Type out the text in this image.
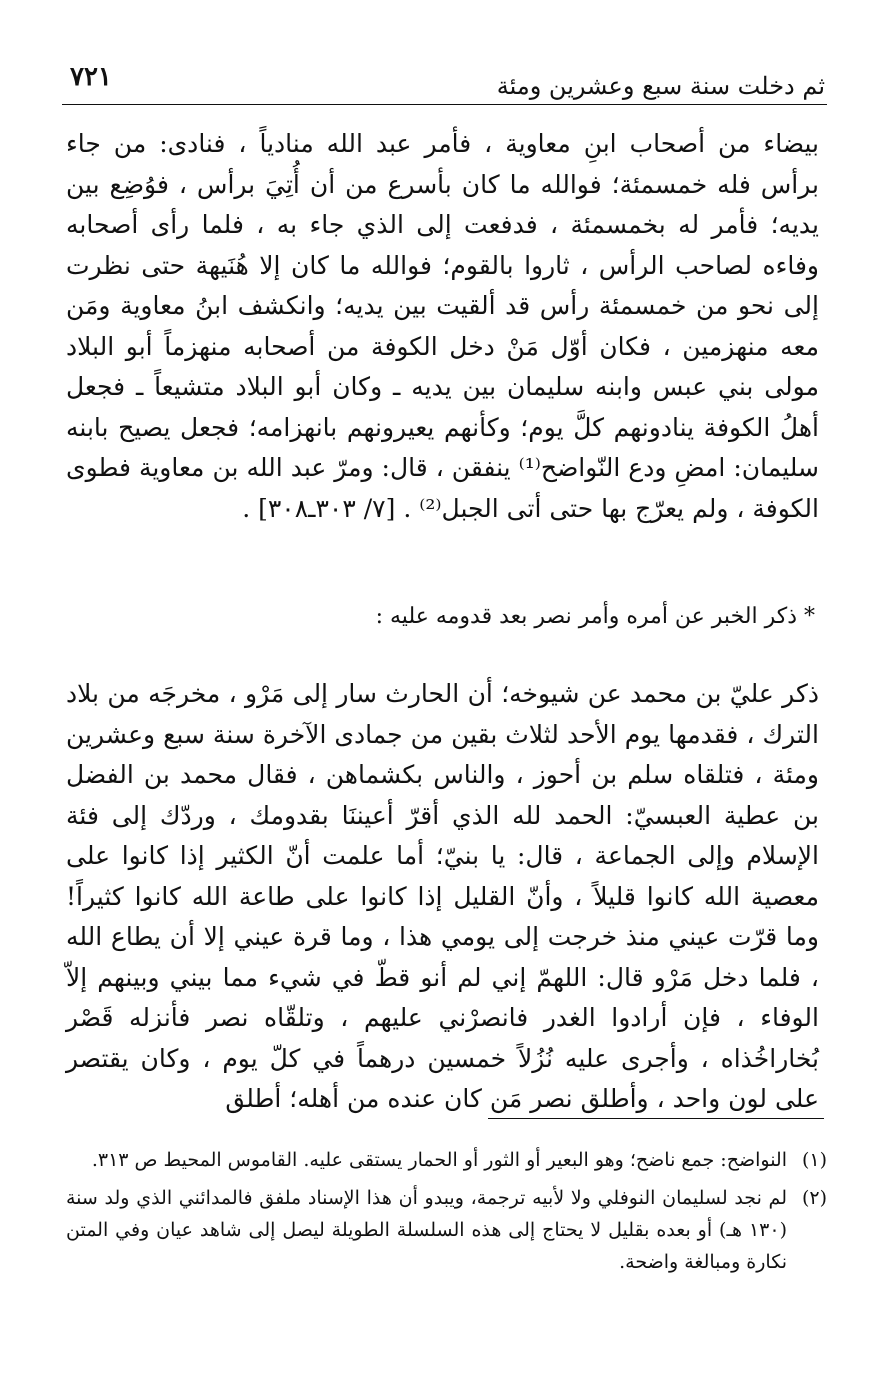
٧٢١	ثم دخلت سنة سبع وعشرين ومئة
بيضاء من أصحاب ابنِ معاوية ، فأمر عبد الله منادياً ، فنادى: من جاء برأس فله خمسمئة؛ فوالله ما كان بأسرع من أن أُتِيَ برأس ، فوُضِع بين يديه؛ فأمر له بخمسمئة ، فدفعت إلى الذي جاء به ، فلما رأى أصحابه وفاءه لصاحب الرأس ، ثاروا بالقوم؛ فوالله ما كان إلا هُنَيهة حتى نظرت إلى نحو من خمسمئة رأس قد ألقيت بين يديه؛ وانكشف ابنُ معاوية ومَن معه منهزمين ، فكان أوّل مَنْ دخل الكوفة من أصحابه منهزماً أبو البلاد مولى بني عبس وابنه سليمان بين يديه ـ وكان أبو البلاد متشيعاً ـ فجعل أهلُ الكوفة ينادونهم كلَّ يوم؛ وكأنهم يعيرونهم بانهزامه؛ فجعل يصيح بابنه سليمان: امضِ ودع النّواضح⁽¹⁾ ينفقن ، قال: ومرّ عبد الله بن معاوية فطوى الكوفة ، ولم يعرّج بها حتى أتى الجبل⁽²⁾ . [٧/ ٣٠٣ـ٣٠٨] .
* ذكر الخبر عن أمره وأمر نصر بعد قدومه عليه :
ذكر عليّ بن محمد عن شيوخه؛ أن الحارث سار إلى مَرْو ، مخرجَه من بلاد الترك ، فقدمها يوم الأحد لثلاث بقين من جمادى الآخرة سنة سبع وعشرين ومئة ، فتلقاه سلم بن أحوز ، والناس بكشماهن ، فقال محمد بن الفضل بن عطية العبسيّ: الحمد لله الذي أقرّ أعيننَا بقدومك ، وردّك إلى فئة الإسلام وإلى الجماعة ، قال: يا بنيّ؛ أما علمت أنّ الكثير إذا كانوا على معصية الله كانوا قليلاً ، وأنّ القليل إذا كانوا على طاعة الله كانوا كثيراً! وما قرّت عيني منذ خرجت إلى يومي هذا ، وما قرة عيني إلا أن يطاع الله ، فلما دخل مَرْو قال: اللهمّ إني لم أنو قطّ في شيء مما بيني وبينهم إلاّ الوفاء ، فإن أرادوا الغدر فانصرْني عليهم ، وتلقّاه نصر فأنزله قَصْر بُخاراخُذاه ، وأجرى عليه نُزُلاً خمسين درهماً في كلّ يوم ، وكان يقتصر على لون واحد ، وأطلق نصر مَن كان عنده من أهله؛ أطلق
(١)
النواضح: جمع ناضح؛ وهو البعير أو الثور أو الحمار يستقى عليه. القاموس المحيط ص ٣١٣.
(٢)
لم نجد لسليمان النوفلي ولا لأبيه ترجمة، ويبدو أن هذا الإسناد ملفق فالمدائني الذي ولد سنة (١٣٠ هـ) أو بعده بقليل لا يحتاج إلى هذه السلسلة الطويلة ليصل إلى شاهد عيان وفي المتن نكارة ومبالغة واضحة.
